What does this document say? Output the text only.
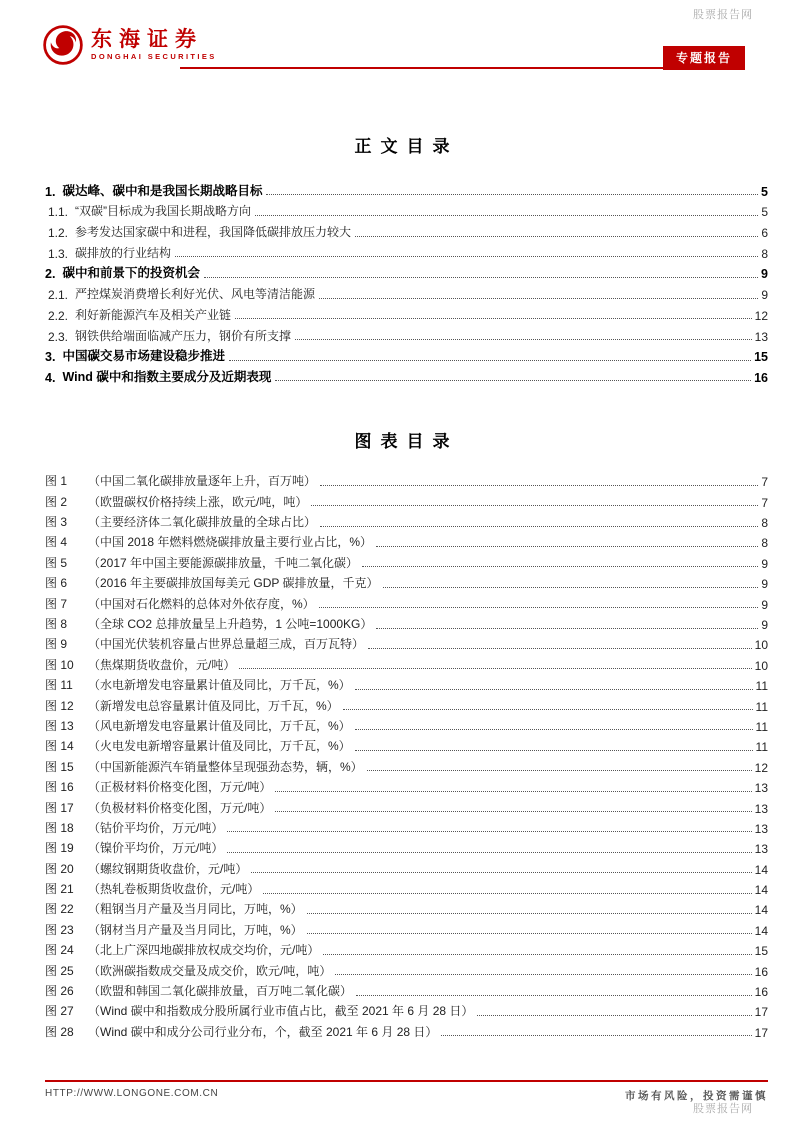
股票报告网
东海证券
DONGHAI SECURITIES	专题报告
正文目录
1. 碳达峰、碳中和是我国长期战略目标	5
1.1. “双碳”目标成为我国长期战略方向	5
1.2. 参考发达国家碳中和进程，我国降低碳排放压力较大	6
1.3. 碳排放的行业结构	8
2. 碳中和前景下的投资机会	9
2.1. 严控煤炭消费增长利好光伏、风电等清洁能源	9
2.2. 利好新能源汽车及相关产业链	12
2.3. 钢铁供给端面临减产压力，钢价有所支撑	13
3. 中国碳交易市场建设稳步推进	15
4. Wind 碳中和指数主要成分及近期表现	16
图表目录
图 1	（中国二氧化碳排放量逐年上升，百万吨）	7
图 2	（欧盟碳权价格持续上涨，欧元/吨，吨）	7
图 3	（主要经济体二氧化碳排放量的全球占比）	8
图 4	（中国 2018 年燃料燃烧碳排放量主要行业占比，%）	8
图 5	（2017 年中国主要能源碳排放量，千吨二氧化碳）	9
图 6	（2016 年主要碳排放国每美元 GDP 碳排放量，千克）	9
图 7	（中国对石化燃料的总体对外依存度，%）	9
图 8	（全球 CO2 总排放量呈上升趋势，1 公吨=1000KG）	9
图 9	（中国光伏装机容量占世界总量超三成，百万瓦特）	10
图 10	（焦煤期货收盘价，元/吨）	10
图 11	（水电新增发电容量累计值及同比，万千瓦，%）	11
图 12	（新增发电总容量累计值及同比，万千瓦，%）	11
图 13	（风电新增发电容量累计值及同比，万千瓦，%）	11
图 14	（火电发电新增容量累计值及同比，万千瓦，%）	11
图 15	（中国新能源汽车销量整体呈现强劲态势，辆，%）	12
图 16	（正极材料价格变化图，万元/吨）	13
图 17	（负极材料价格变化图，万元/吨）	13
图 18	（钴价平均价，万元/吨）	13
图 19	（镍价平均价，万元/吨）	13
图 20	（螺纹钢期货收盘价，元/吨）	14
图 21	（热轧卷板期货收盘价，元/吨）	14
图 22	（粗钢当月产量及当月同比，万吨，%）	14
图 23	（钢材当月产量及当月同比，万吨，%）	14
图 24	（北上广深四地碳排放权成交均价，元/吨）	15
图 25	（欧洲碳指数成交量及成交价，欧元/吨，吨）	16
图 26	（欧盟和韩国二氧化碳排放量，百万吨二氧化碳）	16
图 27	（Wind 碳中和指数成分股所属行业市值占比，截至 2021 年 6 月 28 日）	17
图 28	（Wind 碳中和成分公司行业分布，个，截至 2021 年 6 月 28 日）	17
HTTP://WWW.LONGONE.COM.CN	市场有风险，投资需谨慎
股票报告网
